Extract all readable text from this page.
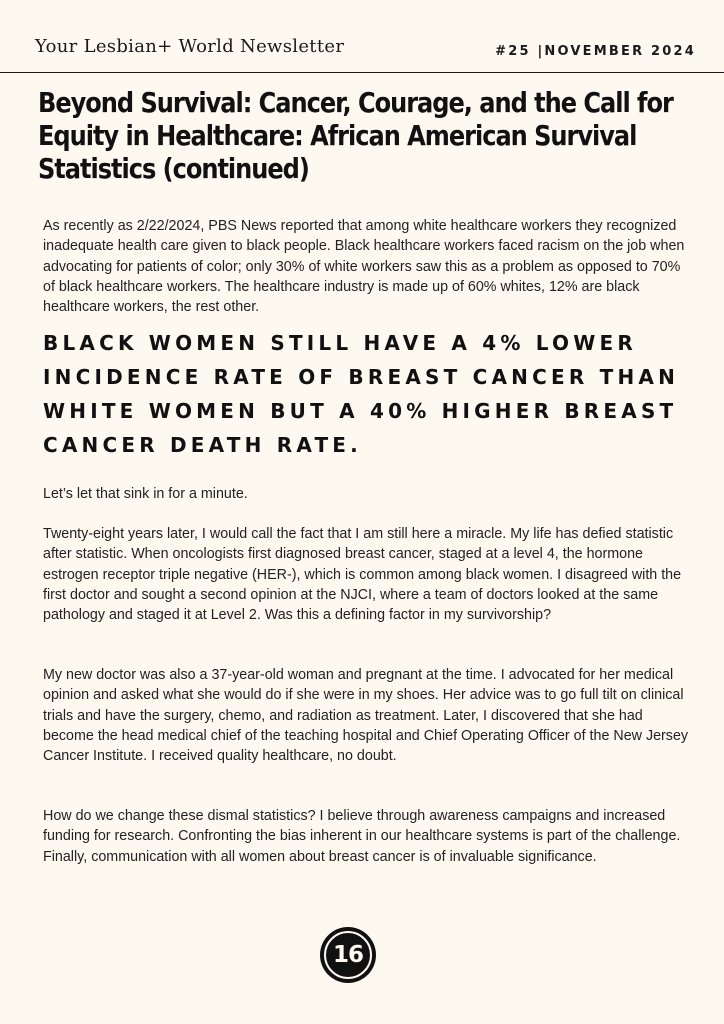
Your Lesbian+ World Newsletter	#25 |NOVEMBER 2024
Beyond Survival: Cancer, Courage, and the Call for Equity in Healthcare: African American Survival Statistics (continued)

As recently as 2/22/2024, PBS News reported that among white healthcare workers they recognized inadequate health care given to black people. Black healthcare workers faced racism on the job when advocating for patients of color; only 30% of white workers saw this as a problem as opposed to 70% of black healthcare workers. The healthcare industry is made up of 60% whites, 12% are black healthcare workers, the rest other.

BLACK WOMEN STILL HAVE A 4% LOWER INCIDENCE RATE OF BREAST CANCER THAN WHITE WOMEN BUT A 40% HIGHER BREAST CANCER DEATH RATE.

Let’s let that sink in for a minute.

Twenty-eight years later, I would call the fact that I am still here a miracle. My life has defied statistic after statistic. When oncologists first diagnosed breast cancer, staged at a level 4, the hormone estrogen receptor triple negative (HER-), which is common among black women. I disagreed with the first doctor and sought a second opinion at the NJCI, where a team of doctors looked at the same pathology and staged it at Level 2. Was this a defining factor in my survivorship?

My new doctor was also a 37-year-old woman and pregnant at the time. I advocated for her medical opinion and asked what she would do if she were in my shoes. Her advice was to go full tilt on clinical trials and have the surgery, chemo, and radiation as treatment. Later, I discovered that she had become the head medical chief of the teaching hospital and Chief Operating Officer of the New Jersey Cancer Institute. I received quality healthcare, no doubt.

How do we change these dismal statistics? I believe through awareness campaigns and increased funding for research. Confronting the bias inherent in our healthcare systems is part of the challenge. Finally, communication with all women about breast cancer is of invaluable significance.

16
